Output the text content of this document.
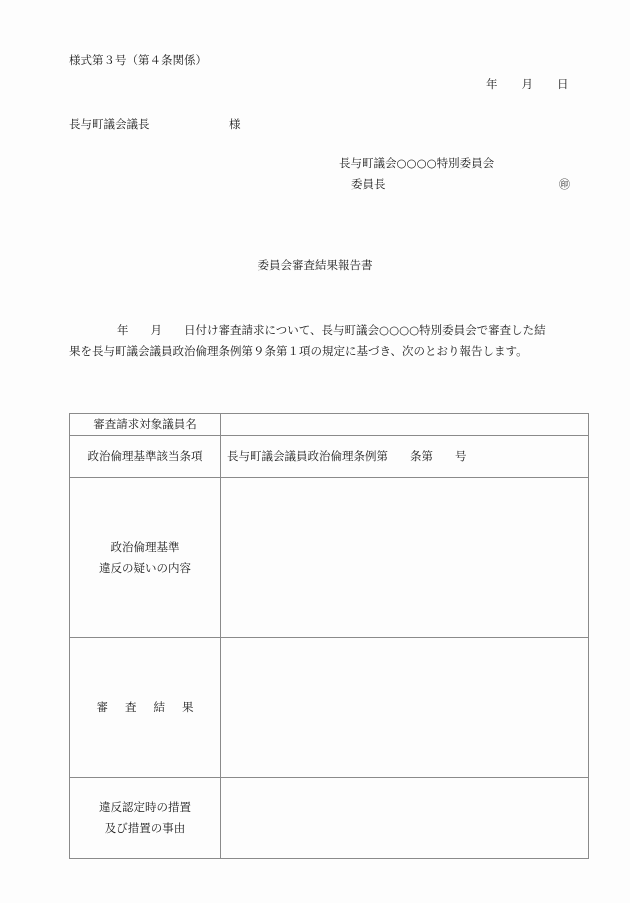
様式第３号（第４条関係）
年 月 日
長与町議会議長	様
長与町議会○○○○特別委員会
委員長	㊞
委員会審査結果報告書
年 月 日付け審査請求について、長与町議会○○○○特別委員会で審査した結
果を長与町議会議員政治倫理条例第９条第１項の規定に基づき、次のとおり報告します。
審査請求対象議員名	
政治倫理基準該当条項	長与町議会議員政治倫理条例第 条第 号

政治倫理基準
違反の疑いの内容	

審査結果	

違反認定時の措置
及び措置の事由	
